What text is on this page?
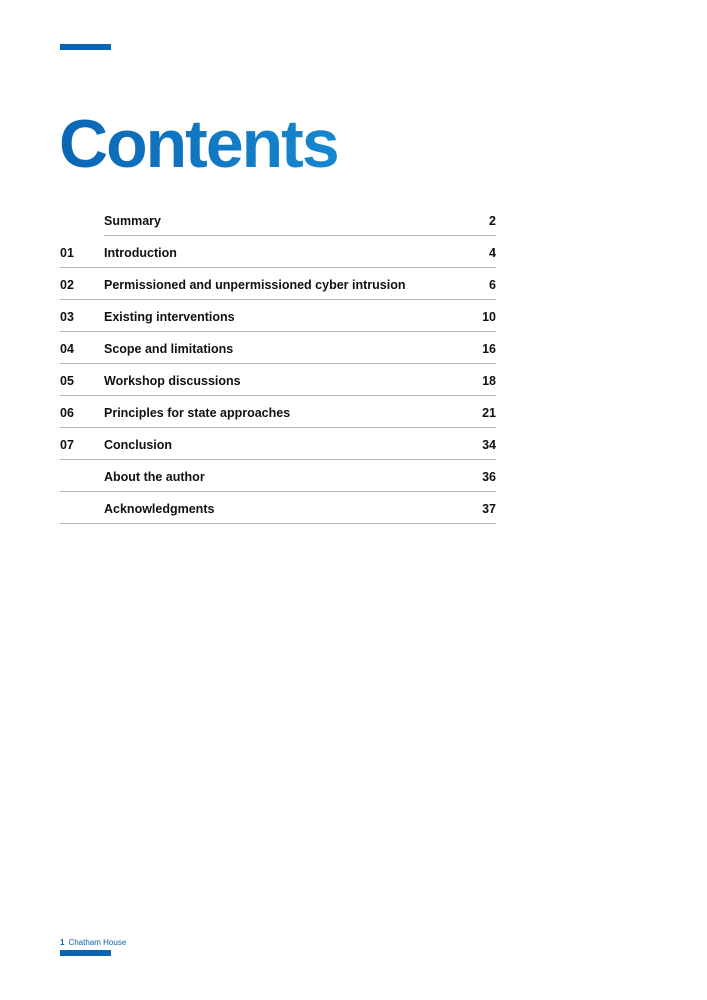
Contents
Summary	2
01	Introduction	4
02	Permissioned and unpermissioned cyber intrusion	6
03	Existing interventions	10
04	Scope and limitations	16
05	Workshop discussions	18
06	Principles for state approaches	21
07	Conclusion	34
About the author	36
Acknowledgments	37
1 Chatham House
